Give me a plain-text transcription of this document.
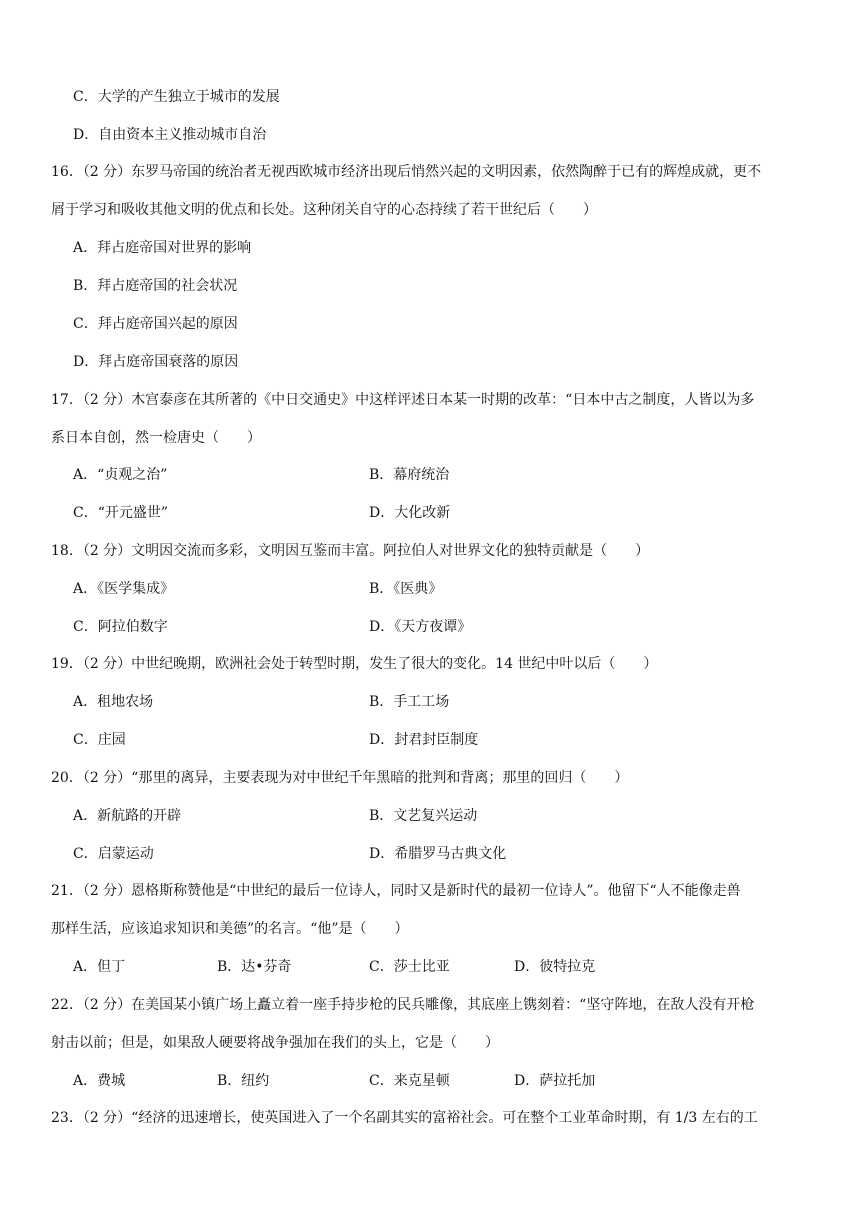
C．大学的产生独立于城市的发展
D．自由资本主义推动城市自治
16．（2 分）东罗马帝国的统治者无视西欧城市经济出现后悄然兴起的文明因素，依然陶醉于已有的辉煌成就，更不
屑于学习和吸收其他文明的优点和长处。这种闭关自守的心态持续了若干世纪后（　　）
A．拜占庭帝国对世界的影响
B．拜占庭帝国的社会状况
C．拜占庭帝国兴起的原因
D．拜占庭帝国衰落的原因
17．（2 分）木宫泰彦在其所著的《中日交通史》中这样评述日本某一时期的改革：“日本中古之制度，人皆以为多
系日本自创，然一检唐史（　　）
A．“贞观之治”	B．幕府统治
C．“开元盛世”	D．大化改新
18．（2 分）文明因交流而多彩，文明因互鉴而丰富。阿拉伯人对世界文化的独特贡献是（　　）
A．《医学集成》	B．《医典》
C．阿拉伯数字	D．《天方夜谭》
19．（2 分）中世纪晚期，欧洲社会处于转型时期，发生了很大的变化。14 世纪中叶以后（　　）
A．租地农场	B．手工工场
C．庄园	D．封君封臣制度
20．（2 分）“那里的离异，主要表现为对中世纪千年黑暗的批判和背离；那里的回归（　　）
A．新航路的开辟	B．文艺复兴运动
C．启蒙运动	D．希腊罗马古典文化
21．（2 分）恩格斯称赞他是“中世纪的最后一位诗人，同时又是新时代的最初一位诗人”。他留下“人不能像走兽
那样生活，应该追求知识和美德”的名言。“他”是（　　）
A．但丁	B．达•芬奇	C．莎士比亚	D．彼特拉克
22．（2 分）在美国某小镇广场上矗立着一座手持步枪的民兵雕像，其底座上镌刻着：“坚守阵地，在敌人没有开枪
射击以前；但是，如果敌人硬要将战争强加在我们的头上，它是（　　）
A．费城	B．纽约	C．来克星顿	D．萨拉托加
23．（2 分）“经济的迅速增长，使英国进入了一个名副其实的富裕社会。可在整个工业革命时期，有 1/3 左右的工
